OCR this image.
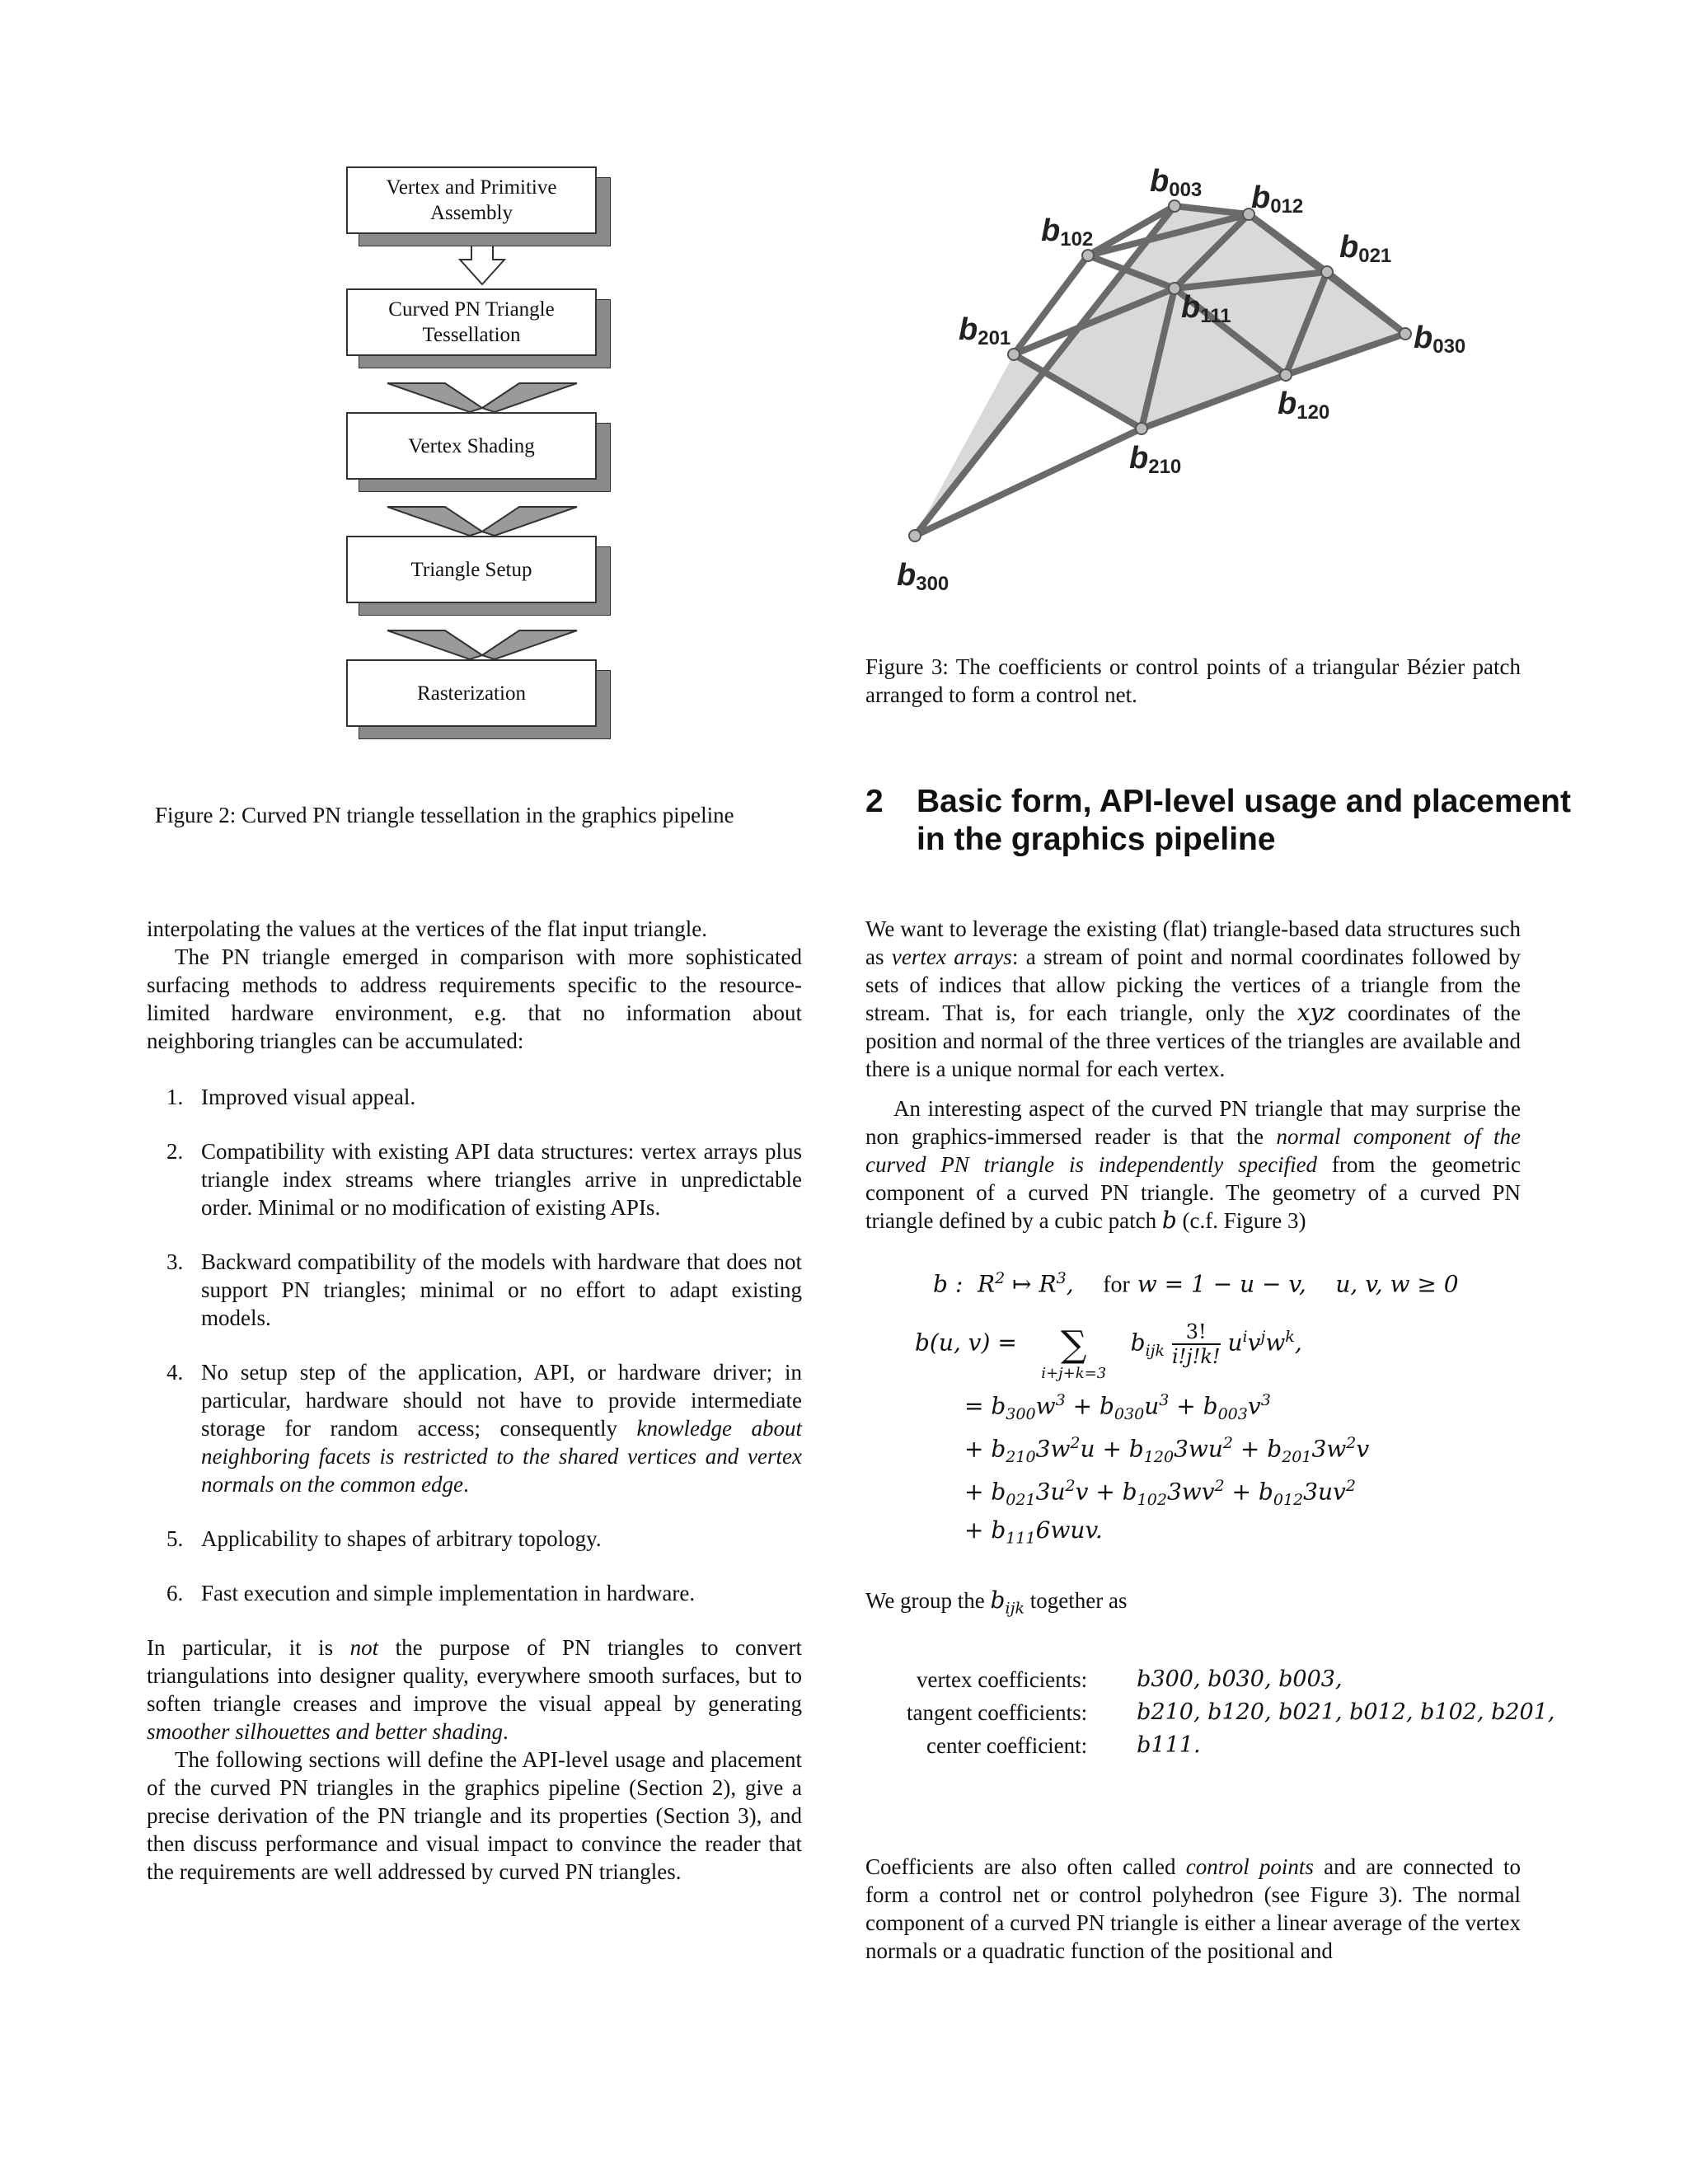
Vertex and Primitive
Assembly
Curved PN Triangle
Tessellation
Vertex Shading
Triangle Setup
Rasterization
Figure 2: Curved PN triangle tessellation in the graphics pipeline
b003 b012
b102	b021
b111
b201	b030
b120
b210
b300
Figure 3: The coefficients or control points of a triangular Bézier patch arranged to form a control net.
interpolating the values at the vertices of the flat input triangle.
The PN triangle emerged in comparison with more sophisticated surfacing methods to address requirements specific to the resource-limited hardware environment, e.g. that no information about neighboring triangles can be accumulated:
1. Improved visual appeal.
2. Compatibility with existing API data structures: vertex arrays plus triangle index streams where triangles arrive in unpredictable order. Minimal or no modification of existing APIs.
3. Backward compatibility of the models with hardware that does not support PN triangles; minimal or no effort to adapt existing models.
4. No setup step of the application, API, or hardware driver; in particular, hardware should not have to provide intermediate storage for random access; consequently knowledge about neighboring facets is restricted to the shared vertices and vertex normals on the common edge.
5. Applicability to shapes of arbitrary topology.
6. Fast execution and simple implementation in hardware.
In particular, it is not the purpose of PN triangles to convert triangulations into designer quality, everywhere smooth surfaces, but to soften triangle creases and improve the visual appeal by generating smoother silhouettes and better shading.
The following sections will define the API-level usage and placement of the curved PN triangles in the graphics pipeline (Section 2), give a precise derivation of the PN triangle and its properties (Section 3), and then discuss performance and visual impact to convince the reader that the requirements are well addressed by curved PN triangles.
2 Basic form, API-level usage and placement in the graphics pipeline
We want to leverage the existing (flat) triangle-based data structures such as vertex arrays: a stream of point and normal coordinates followed by sets of indices that allow picking the vertices of a triangle from the stream. That is, for each triangle, only the xyz coordinates of the position and normal of the three vertices of the triangles are available and there is a unique normal for each vertex.
An interesting aspect of the curved PN triangle that may surprise the non graphics-immersed reader is that the normal component of the curved PN triangle is independently specified from the geometric component of a curved PN triangle. The geometry of a curved PN triangle defined by a cubic patch b (c.f. Figure 3)
b :  $R^2$ ↦ $R^3$,    for w = 1 − u − v,    u, v, w ≥ 0
b(u, v) = ∑
i+j+k=3
$b_{ijk} \frac{3!}{i!j!k!} u^iv^jw^k$,
= $b_{300}w^3 + b_{030}u^3 + b_{003}v^3$
+ $b_{210}3w^2u + b_{120}3wu^2 + b_{201}3w^2v$
+ $b_{021}3u^2v + b_{102}3wv^2 + b_{012}3uv^2$
+ $b_{111}6wuv$.
We group the $b_{ijk}$ together as
vertex coefficients:	b300, b030, b003,
tangent coefficients:	b210, b120, b021, b012, b102, b201,
center coefficient:	b111.
Coefficients are also often called control points and are connected to form a control net or control polyhedron (see Figure 3). The normal component of a curved PN triangle is either a linear average of the vertex normals or a quadratic function of the positional and
